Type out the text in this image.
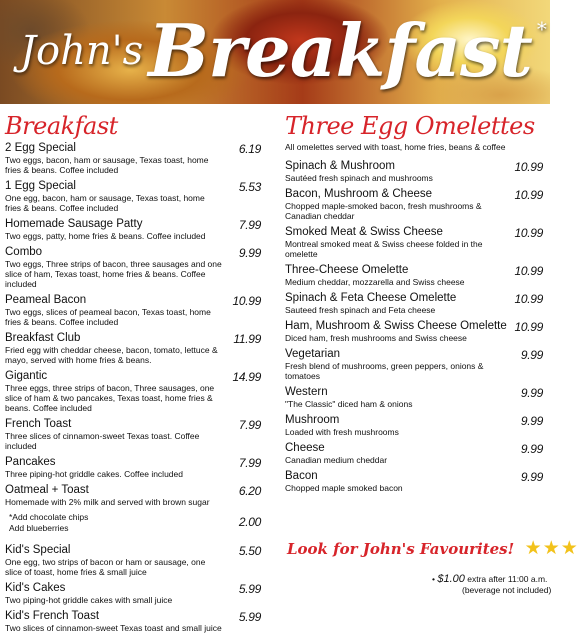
John's Breakfast *
Breakfast
2 Egg Special
Two eggs, bacon, ham or sausage, Texas toast, home fries & beans. Coffee included
6.19
1 Egg Special
One egg, bacon, ham or sausage, Texas toast, home fries & beans. Coffee included
5.53
Homemade Sausage Patty
Two eggs, patty, home fries & beans. Coffee included
7.99
Combo
Two eggs, Three strips of bacon, three sausages and one slice of ham, Texas toast, home fries & beans. Coffee included
9.99
Peameal Bacon
Two eggs, slices of peameal bacon, Texas toast, home fries & beans. Coffee included
10.99
Breakfast Club
Fried egg with cheddar cheese, bacon, tomato, lettuce & mayo, served with home fries & beans.
11.99
Gigantic
Three eggs, three strips of bacon, Three sausages, one slice of ham & two pancakes, Texas toast, home fries & beans. Coffee included
14.99
French Toast
Three slices of cinnamon-sweet Texas toast. Coffee included
7.99
Pancakes
Three piping-hot griddle cakes. Coffee included
7.99
Oatmeal + Toast
Homemade with 2% milk and served with brown sugar
6.20
*Add chocolate chips
Add blueberries	2.00
Kid's Special
One egg, two strips of bacon or ham or sausage, one slice of toast, home fries & small juice
5.50
Kid's Cakes
Two piping-hot griddle cakes with small juice
5.99
Kid's French Toast
Two slices of cinnamon-sweet Texas toast and small juice
5.99
Three Egg Omelettes
All omelettes served with toast, home fries, beans & coffee
Spinach & Mushroom
Sautéed fresh spinach and mushrooms
10.99
Bacon, Mushroom & Cheese
Chopped maple-smoked bacon, fresh mushrooms & Canadian cheddar
10.99
Smoked Meat & Swiss Cheese
Montreal smoked meat & Swiss cheese folded in the omelette
10.99
Three-Cheese Omelette
Medium cheddar, mozzarella and Swiss cheese
10.99
Spinach & Feta Cheese Omelette
Sauteed fresh spinach and Feta cheese
10.99
Ham, Mushroom & Swiss Cheese Omelette
Diced ham, fresh mushrooms and Swiss cheese
10.99
Vegetarian
Fresh blend of mushrooms, green peppers, onions & tomatoes
9.99
Western
"The Classic" diced ham & onions
9.99
Mushroom
Loaded with fresh mushrooms
9.99
Cheese
Canadian medium cheddar
9.99
Bacon
Chopped maple smoked bacon
9.99
Look for John's Favourites! ★★★
• $1.00 extra after 11:00 a.m.
(beverage not included)
